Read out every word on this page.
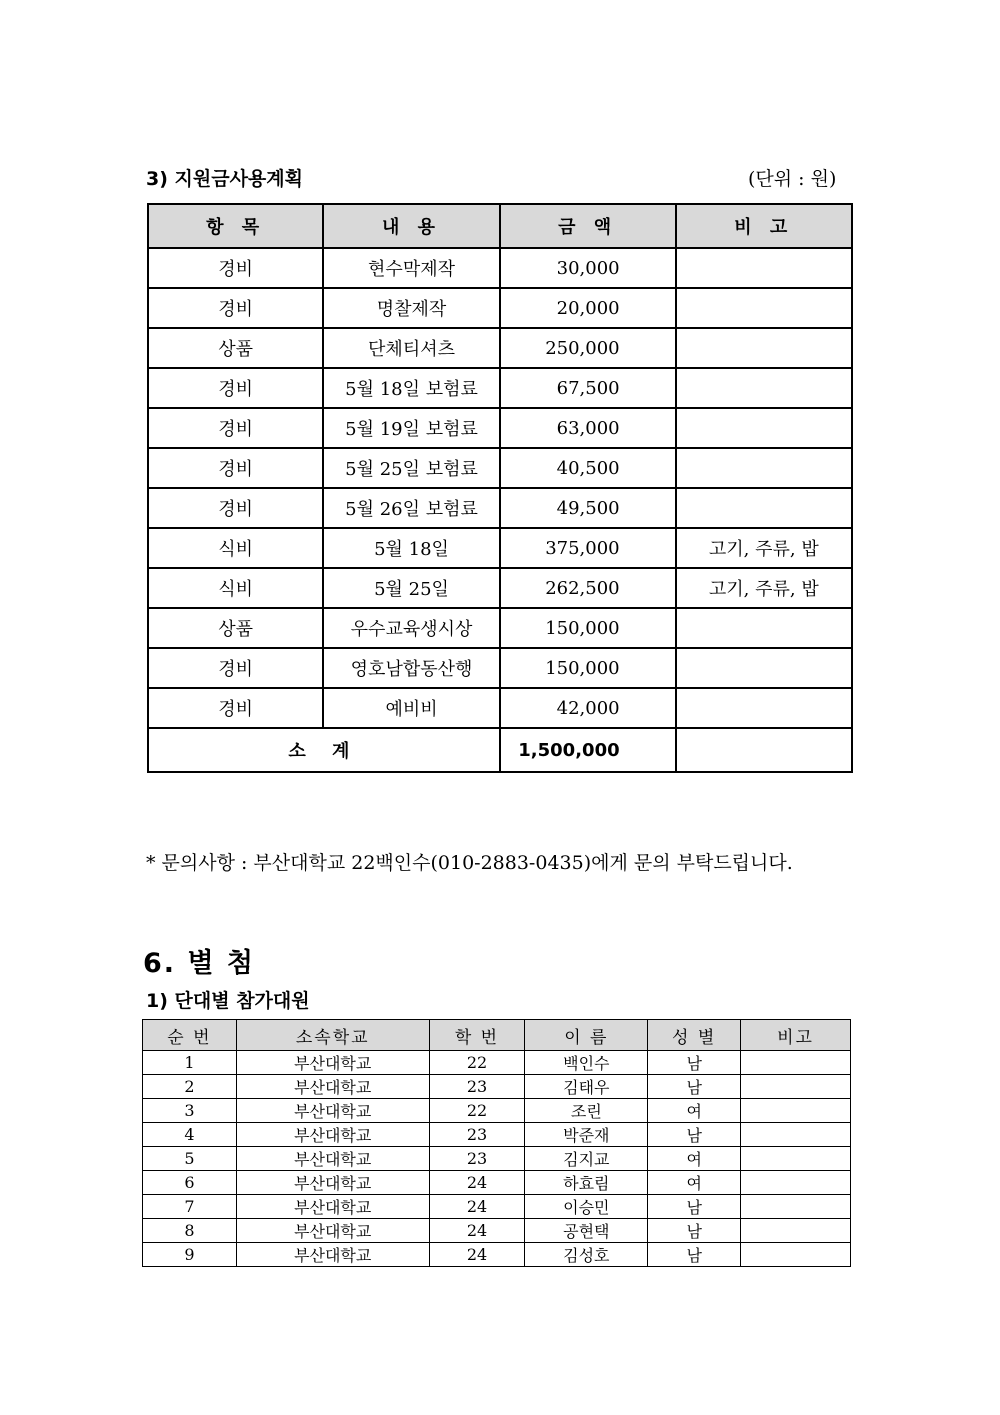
3) 지원금사용계획	(단위 : 원)
항 목	내 용	금 액	비 고
경비	현수막제작	30,000	
경비	명찰제작	20,000	
상품	단체티셔츠	250,000	
경비	5월 18일 보험료	67,500	
경비	5월 19일 보험료	63,000	
경비	5월 25일 보험료	40,500	
경비	5월 26일 보험료	49,500	
식비	5월 18일	375,000	고기, 주류, 밥
식비	5월 25일	262,500	고기, 주류, 밥
상품	우수교육생시상	150,000	
경비	영호남합동산행	150,000	
경비	예비비	42,000	
소 계		1,500,000	
* 문의사항 : 부산대학교 22백인수(010-2883-0435)에게 문의 부탁드립니다.
6. 별 첨
1) 단대별 참가대원
순 번	소속학교	학 번	이 름	성 별	비고
1	부산대학교	22	백인수	남	
2	부산대학교	23	김태우	남	
3	부산대학교	22	조린	여	
4	부산대학교	23	박준재	남	
5	부산대학교	23	김지교	여	
6	부산대학교	24	하효림	여	
7	부산대학교	24	이승민	남	
8	부산대학교	24	공현택	남	
9	부산대학교	24	김성호	남	
